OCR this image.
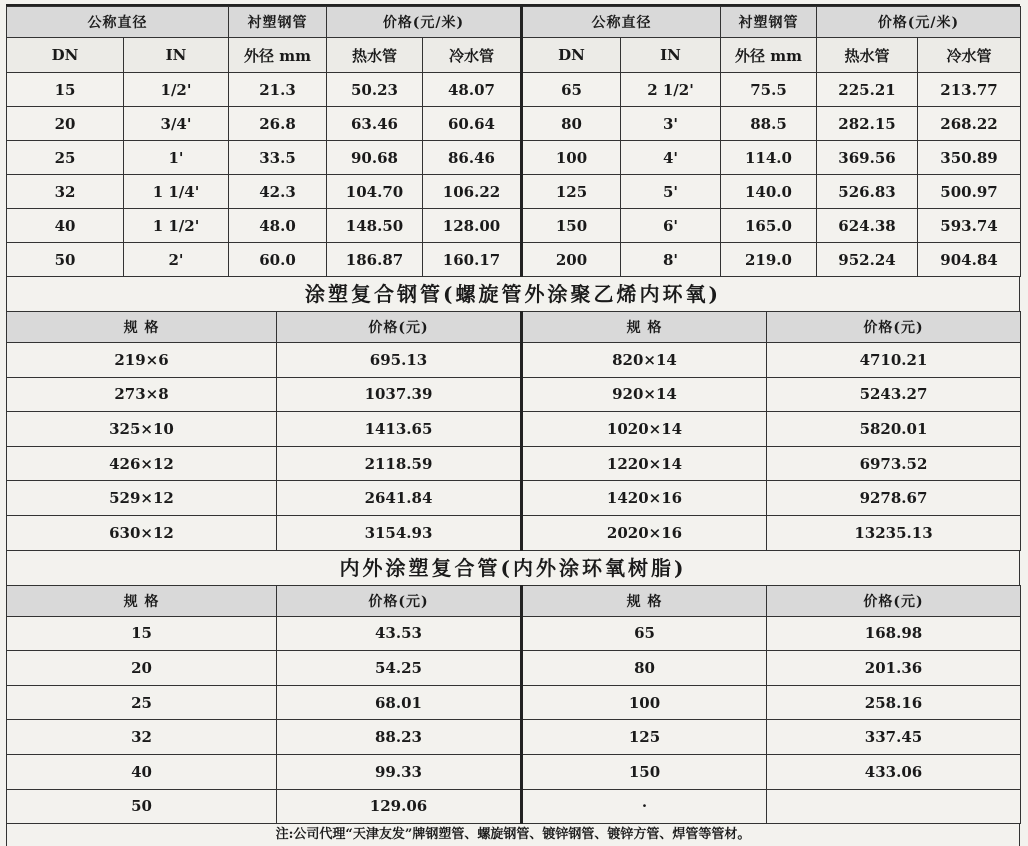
公称直径		衬塑钢管	价格(元/米)		公称直径		衬塑钢管	价格(元/米)	
DN	IN	外径 mm	热水管	冷水管	DN	IN	外径 mm	热水管	冷水管
15	1/2'	21.3	50.23	48.07	65	2 1/2'	75.5	225.21	213.77
20	3/4'	26.8	63.46	60.64	80	3'	88.5	282.15	268.22
25	1'	33.5	90.68	86.46	100	4'	114.0	369.56	350.89
32	1 1/4'	42.3	104.70	106.22	125	5'	140.0	526.83	500.97
40	1 1/2'	48.0	148.50	128.00	150	6'	165.0	624.38	593.74
50	2'	60.0	186.87	160.17	200	8'	219.0	952.24	904.84
涂塑复合钢管(螺旋管外涂聚乙烯内环氧)
规 格	价格(元)	规 格	价格(元)
219×6	695.13	820×14	4710.21
273×8	1037.39	920×14	5243.27
325×10	1413.65	1020×14	5820.01
426×12	2118.59	1220×14	6973.52
529×12	2641.84	1420×16	9278.67
630×12	3154.93	2020×16	13235.13
内外涂塑复合管(内外涂环氧树脂)
规 格	价格(元)	规 格	价格(元)
15	43.53	65	168.98
20	54.25	80	201.36
25	68.01	100	258.16
32	88.23	125	337.45
40	99.33	150	433.06
50	129.06	·	
注:公司代理“天津友发”牌钢塑管、螺旋钢管、镀锌钢管、镀锌方管、焊管等管材。
